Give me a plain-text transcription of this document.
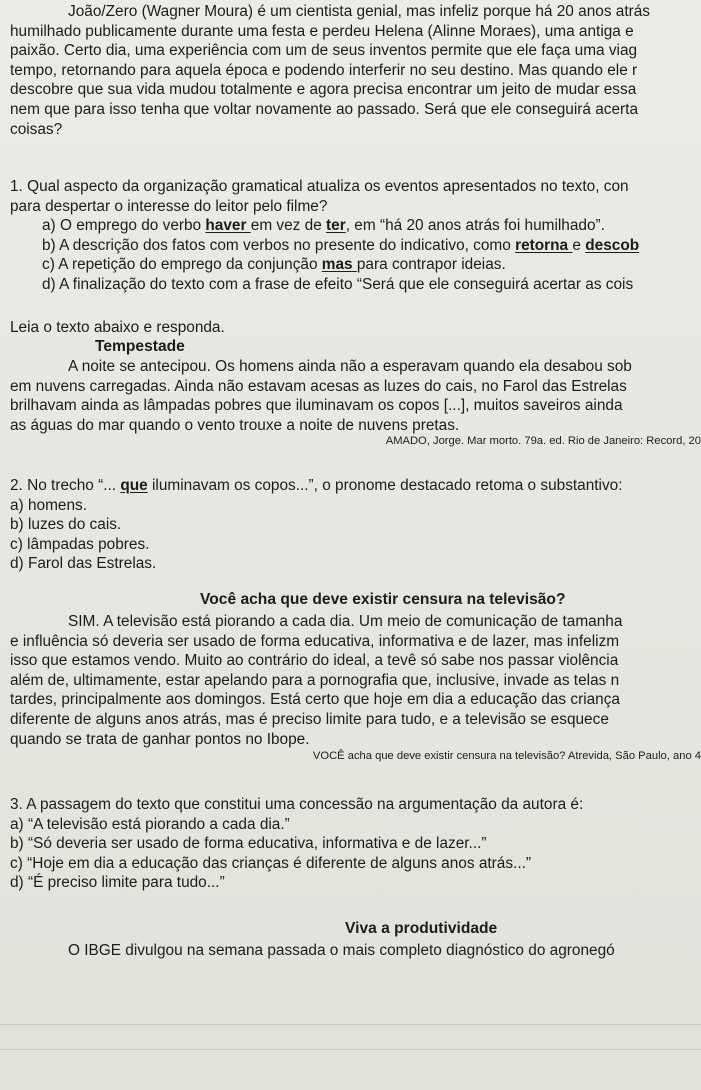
João/Zero (Wagner Moura) é um cientista genial, mas infeliz porque há 20 anos atrás
humilhado publicamente durante uma festa e perdeu Helena (Alinne Moraes), uma antiga e
paixão. Certo dia, uma experiência com um de seus inventos permite que ele faça uma viag
tempo, retornando para aquela época e podendo interferir no seu destino. Mas quando ele r
descobre que sua vida mudou totalmente e agora precisa encontrar um jeito de mudar essa
nem que para isso tenha que voltar novamente ao passado. Será que ele conseguirá acerta
coisas?
1. Qual aspecto da organização gramatical atualiza os eventos apresentados no texto, con
para despertar o interesse do leitor pelo filme?
a) O emprego do verbo haver em vez de ter, em “há 20 anos atrás foi humilhado”.
b) A descrição dos fatos com verbos no presente do indicativo, como retorna e descob
c) A repetição do emprego da conjunção mas para contrapor ideias.
d) A finalização do texto com a frase de efeito “Será que ele conseguirá acertar as cois
Leia o texto abaixo e responda.
Tempestade
A noite se antecipou. Os homens ainda não a esperavam quando ela desabou sob
em nuvens carregadas. Ainda não estavam acesas as luzes do cais, no Farol das Estrelas
brilhavam ainda as lâmpadas pobres que iluminavam os copos [...], muitos saveiros ainda
as águas do mar quando o vento trouxe a noite de nuvens pretas.
AMADO, Jorge. Mar morto. 79a. ed. Rio de Janeiro: Record, 20
2. No trecho “... que iluminavam os copos...”, o pronome destacado retoma o substantivo:
a) homens.
b) luzes do cais.
c) lâmpadas pobres.
d) Farol das Estrelas.
Você acha que deve existir censura na televisão?
SIM. A televisão está piorando a cada dia. Um meio de comunicação de tamanha
e influência só deveria ser usado de forma educativa, informativa e de lazer, mas infelizm
isso que estamos vendo. Muito ao contrário do ideal, a tevê só sabe nos passar violência
além de, ultimamente, estar apelando para a pornografia que, inclusive, invade as telas n
tardes, principalmente aos domingos. Está certo que hoje em dia a educação das criança
diferente de alguns anos atrás, mas é preciso limite para tudo, e a televisão se esquece
quando se trata de ganhar pontos no Ibope.
VOCÊ acha que deve existir censura na televisão? Atrevida, São Paulo, ano 4
3. A passagem do texto que constitui uma concessão na argumentação da autora é:
a) “A televisão está piorando a cada dia.”
b) “Só deveria ser usado de forma educativa, informativa e de lazer...”
c) “Hoje em dia a educação das crianças é diferente de alguns anos atrás...”
d) “É preciso limite para tudo...”
Viva a produtividade
O IBGE divulgou na semana passada o mais completo diagnóstico do agronegó
